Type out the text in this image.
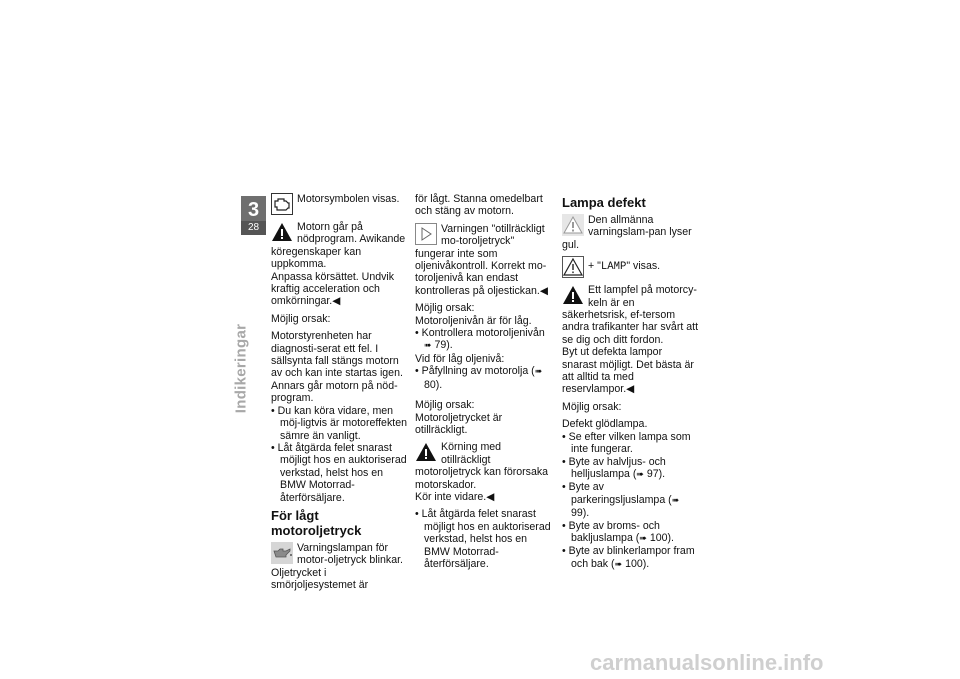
3
28
Indikeringar
Motorsymbolen visas.
Motorn går på nödprogram. Awikande köregenskaper kan uppkomma.
Anpassa körsättet. Undvik kraftig acceleration och omkörningar.◀
Möjlig orsak:
Motorstyrenheten har diagnosti-serat ett fel. I sällsynta fall stängs motorn av och kan inte startas igen. Annars går motorn på nöd-program.
• Du kan köra vidare, men möj-ligtvis är motoreffekten sämre än vanligt.
• Låt åtgärda felet snarast möjligt hos en auktoriserad verkstad, helst hos en BMW Motorrad-återförsäljare.
För lågt motoroljetryck
Varningslampan för motor-oljetryck blinkar.
Oljetrycket i smörjoljesystemet är
för lågt. Stanna omedelbart och stäng av motorn.
Varningen "otillräckligt mo-toroljetryck" fungerar inte som oljenivåkontroll. Korrekt mo-toroljenivå kan endast kontrolleras på oljestickan.◀
Möjlig orsak:
Motoroljenivån är för låg.
• Kontrollera motoroljenivån
➠ 79).
Vid för låg oljenivå:
• Påfyllning av motorolja (➠ 80).
Möjlig orsak:
Motoroljetrycket är otillräckligt.
Körning med otillräckligt motoroljetryck kan förorsaka motorskador.
Kör inte vidare.◀
• Låt åtgärda felet snarast möjligt hos en auktoriserad verkstad, helst hos en BMW Motorrad-återförsäljare.
Lampa defekt
Den allmänna varningslam-pan lyser gul.
+ "LAMP" visas.
Ett lampfel på motorcy-keln är en säkerhetsrisk, ef-tersom andra trafikanter har svårt att se dig och ditt fordon.
Byt ut defekta lampor snarast möjligt. Det bästa är att alltid ta med reservlampor.◀
Möjlig orsak:
Defekt glödlampa.
• Se efter vilken lampa som inte fungerar.
• Byte av halvljus- och helljuslampa (➠ 97).
• Byte av parkeringsljuslampa (➠ 99).
• Byte av broms- och bakljuslampa (➠ 100).
• Byte av blinkerlampor fram och bak (➠ 100).
carmanualsonline.info
